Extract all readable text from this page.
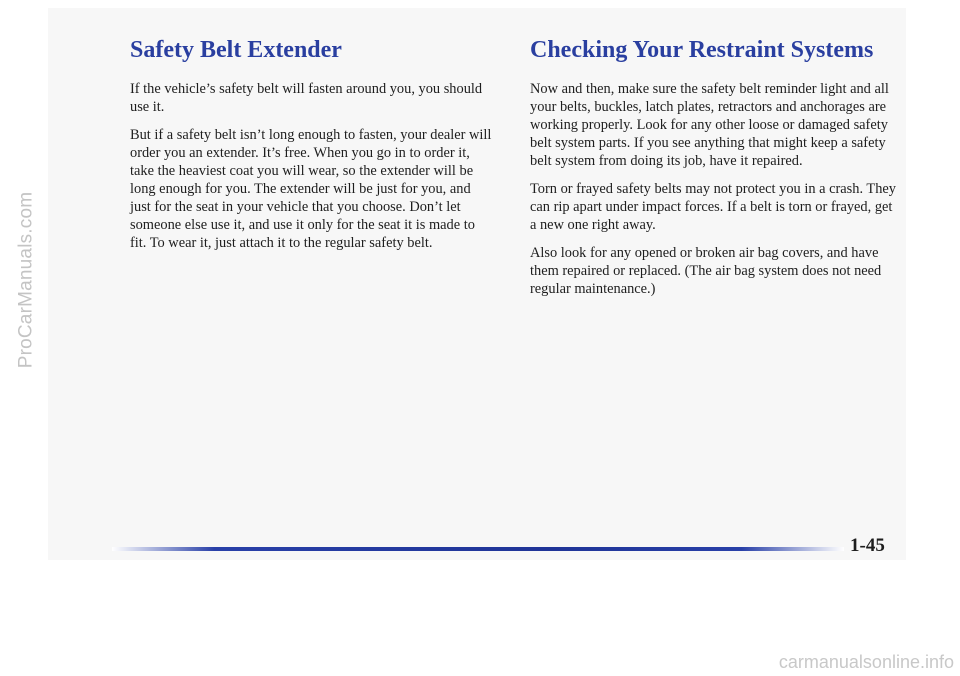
ProCarManuals.com
Safety Belt Extender

If the vehicle’s safety belt will fasten around you, you should use it.

But if a safety belt isn’t long enough to fasten, your dealer will order you an extender. It’s free. When you go in to order it, take the heaviest coat you will wear, so the extender will be long enough for you. The extender will be just for you, and just for the seat in your vehicle that you choose. Don’t let someone else use it, and use it only for the seat it is made to fit. To wear it, just attach it to the regular safety belt.

Checking Your Restraint Systems

Now and then, make sure the safety belt reminder light and all your belts, buckles, latch plates, retractors and anchorages are working properly. Look for any other loose or damaged safety belt system parts. If you see anything that might keep a safety belt system from doing its job, have it repaired.

Torn or frayed safety belts may not protect you in a crash. They can rip apart under impact forces. If a belt is torn or frayed, get a new one right away.

Also look for any opened or broken air bag covers, and have them repaired or replaced. (The air bag system does not need regular maintenance.)

1-45
carmanualsonline.info
